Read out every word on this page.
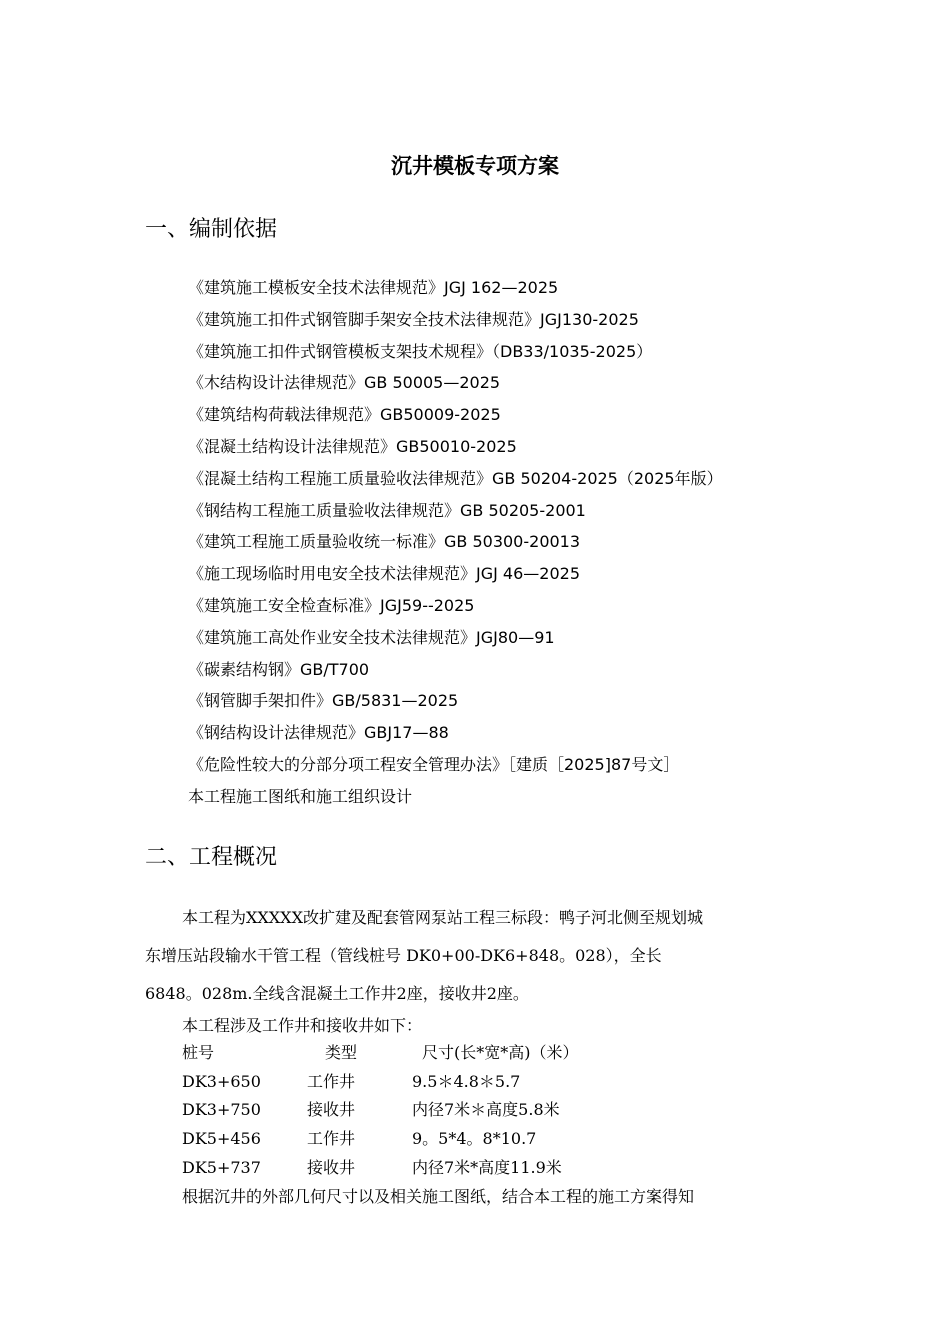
沉井模板专项方案
一、编制依据
《建筑施工模板安全技术法律规范》JGJ 162—2025
《建筑施工扣件式钢管脚手架安全技术法律规范》JGJ130-2025
《建筑施工扣件式钢管模板支架技术规程》（DB33/1035-2025）
《木结构设计法律规范》GB 50005—2025
《建筑结构荷载法律规范》GB50009-2025
《混凝土结构设计法律规范》GB50010-2025
《混凝土结构工程施工质量验收法律规范》GB 50204-2025（2025年版）
《钢结构工程施工质量验收法律规范》GB 50205-2001
《建筑工程施工质量验收统一标准》GB 50300-20013
《施工现场临时用电安全技术法律规范》JGJ 46—2025
《建筑施工安全检查标准》JGJ59--2025
《建筑施工高处作业安全技术法律规范》JGJ80—91
《碳素结构钢》GB/T700
《钢管脚手架扣件》GB/5831—2025
《钢结构设计法律规范》GBJ17—88
《危险性较大的分部分项工程安全管理办法》［建质［2025]87号文］
本工程施工图纸和施工组织设计
二、工程概况
本工程为XXXXX改扩建及配套管网泵站工程三标段：鸭子河北侧至规划城
东增压站段输水干管工程（管线桩号 DK0+00-DK6+848。028），全长
6848。028m.全线含混凝土工作井2座，接收井2座。
本工程涉及工作井和接收井如下：
桩号	类型	尺寸(长*宽*高)（米）
DK3+650	工作井	9.5＊4.8＊5.7
DK3+750	接收井	内径7米＊高度5.8米
DK5+456	工作井	9。5*4。8*10.7
DK5+737	接收井	内径7米*高度11.9米
根据沉井的外部几何尺寸以及相关施工图纸，结合本工程的施工方案得知
